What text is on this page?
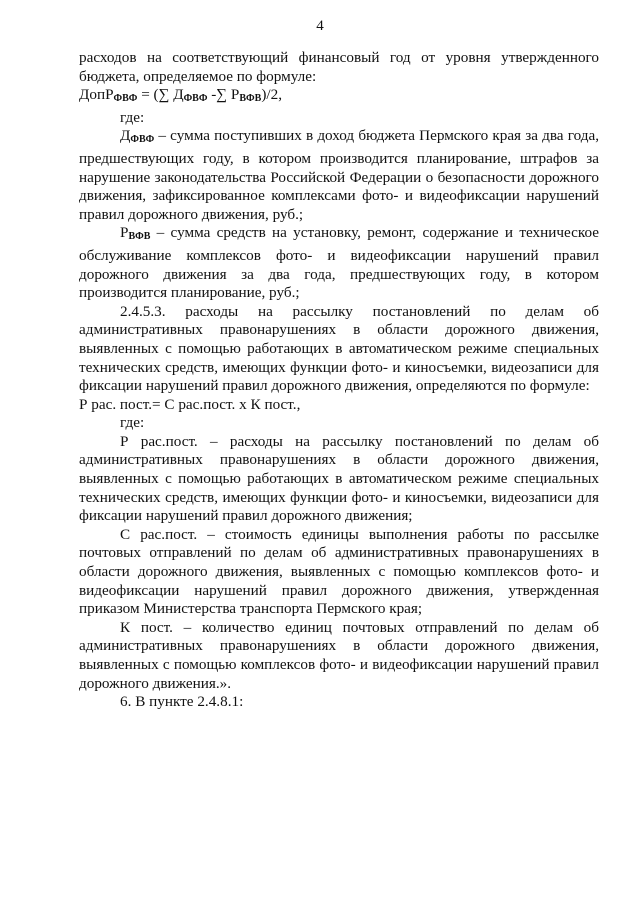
4

расходов на соответствующий финансовый год от уровня утвержденного бюджета, определяемое по формуле:

ДопР$_{ФВФ}$ = (∑ $Д_{ФВФ}$ -∑ $Р_{ВФВ})/2$,

где:

$Д_{ФВФ}$ – сумма поступивших в доход бюджета Пермского края за два года, предшествующих году, в котором производится планирование, штрафов за нарушение законодательства Российской Федерации о безопасности дорожного движения, зафиксированное комплексами фото- и видеофиксации нарушений правил дорожного движения, руб.;

$Р_{ВФВ}$ – сумма средств на установку, ремонт, содержание и техническое обслуживание комплексов фото- и видеофиксации нарушений правил дорожного движения за два года, предшествующих году, в котором производится планирование, руб.;

2.4.5.3. расходы на рассылку постановлений по делам об административных правонарушениях в области дорожного движения, выявленных с помощью работающих в автоматическом режиме специальных технических средств, имеющих функции фото- и киносъемки, видеозаписи для фиксации нарушений правил дорожного движения, определяются по формуле:

Р рас. пост.= С рас.пост. х К пост.,

где:

Р рас.пост. – расходы на рассылку постановлений по делам об административных правонарушениях в области дорожного движения, выявленных с помощью работающих в автоматическом режиме специальных технических средств, имеющих функции фото- и киносъемки, видеозаписи для фиксации нарушений правил дорожного движения;

С рас.пост. – стоимость единицы выполнения работы по рассылке почтовых отправлений по делам об административных правонарушениях в области дорожного движения, выявленных с помощью комплексов фото- и видеофиксации нарушений правил дорожного движения, утвержденная приказом Министерства транспорта Пермского края;

К пост. – количество единиц почтовых отправлений по делам об административных правонарушениях в области дорожного движения, выявленных с помощью комплексов фото- и видеофиксации нарушений правил дорожного движения.».

6. В пункте 2.4.8.1:
